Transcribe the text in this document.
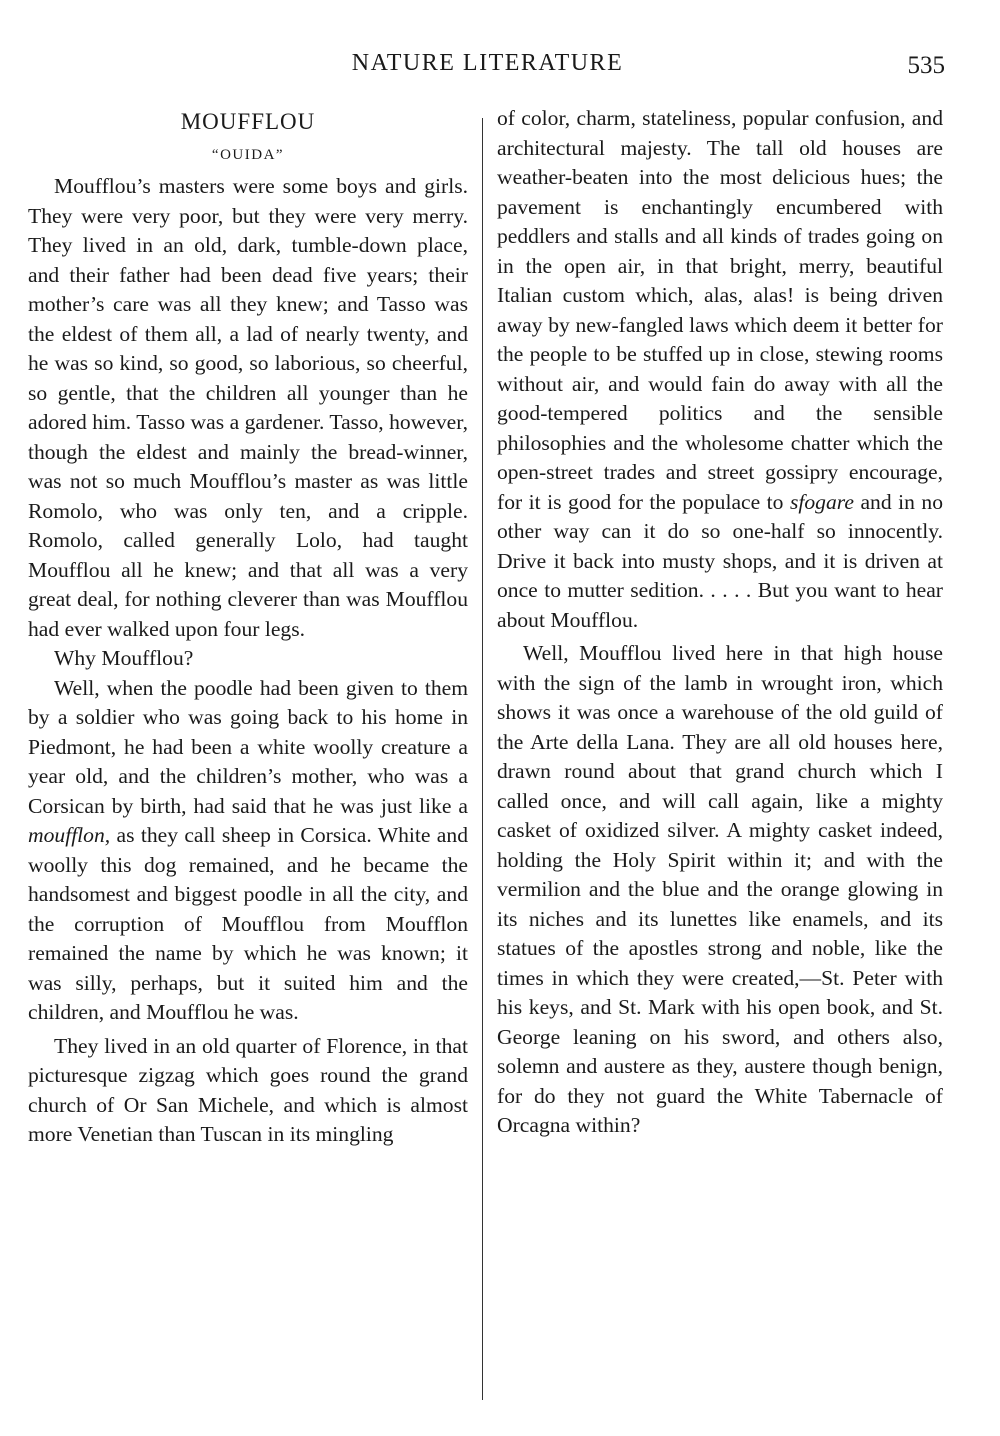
NATURE LITERATURE	535
MOUFFLOU
“OUIDA”

Moufflou’s masters were some boys and girls. They were very poor, but they were very merry. They lived in an old, dark, tumble-down place, and their father had been dead five years; their mother’s care was all they knew; and Tasso was the eldest of them all, a lad of nearly twenty, and he was so kind, so good, so laborious, so cheerful, so gentle, that the children all younger than he adored him. Tasso was a gardener. Tasso, however, though the eldest and mainly the bread-winner, was not so much Moufflou’s master as was little Romolo, who was only ten, and a cripple. Romolo, called generally Lolo, had taught Moufflou all he knew; and that all was a very great deal, for nothing cleverer than was Moufflou had ever walked upon four legs.

Why Moufflou?

Well, when the poodle had been given to them by a soldier who was going back to his home in Piedmont, he had been a white woolly creature a year old, and the children’s mother, who was a Corsican by birth, had said that he was just like a moufflon, as they call sheep in Corsica. White and woolly this dog remained, and he became the handsomest and biggest poodle in all the city, and the corruption of Moufflou from Moufflon remained the name by which he was known; it was silly, perhaps, but it suited him and the children, and Moufflou he was.

They lived in an old quarter of Florence, in that picturesque zigzag which goes round the grand church of Or San Michele, and which is almost more Venetian than Tuscan in its mingling

of color, charm, stateliness, popular confusion, and architectural majesty. The tall old houses are weather-beaten into the most delicious hues; the pavement is enchantingly encumbered with peddlers and stalls and all kinds of trades going on in the open air, in that bright, merry, beautiful Italian custom which, alas, alas! is being driven away by new-fangled laws which deem it better for the people to be stuffed up in close, stewing rooms without air, and would fain do away with all the good-tempered politics and the sensible philosophies and the wholesome chatter which the open-street trades and street gossipry encourage, for it is good for the populace to sfogare and in no other way can it do so one-half so innocently. Drive it back into musty shops, and it is driven at once to mutter sedition. . . . . But you want to hear about Moufflou.

Well, Moufflou lived here in that high house with the sign of the lamb in wrought iron, which shows it was once a warehouse of the old guild of the Arte della Lana. They are all old houses here, drawn round about that grand church which I called once, and will call again, like a mighty casket of oxidized silver. A mighty casket indeed, holding the Holy Spirit within it; and with the vermilion and the blue and the orange glowing in its niches and its lunettes like enamels, and its statues of the apostles strong and noble, like the times in which they were created,—St. Peter with his keys, and St. Mark with his open book, and St. George leaning on his sword, and others also, solemn and austere as they, austere though benign, for do they not guard the White Tabernacle of Orcagna within?
